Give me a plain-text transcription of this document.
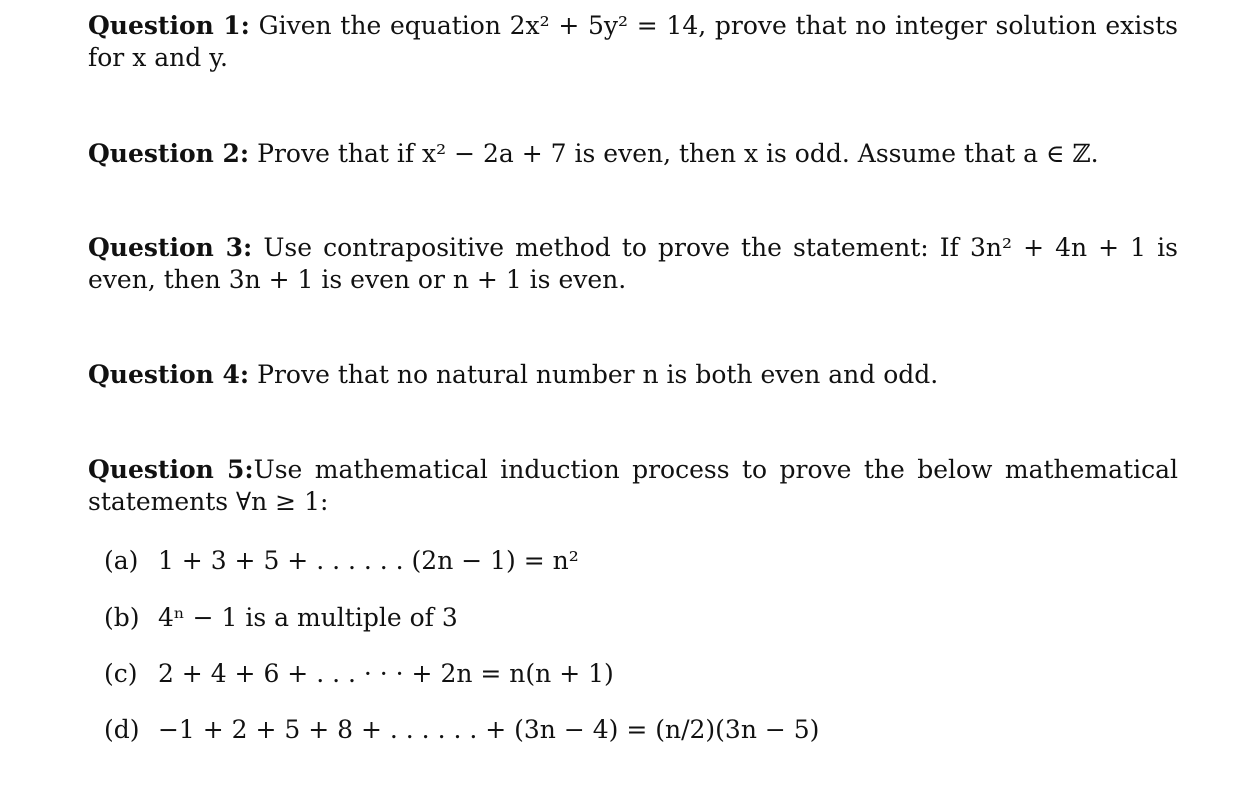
Question 1: Given the equation 2x² + 5y² = 14, prove that no integer solution exists for x and y.
Question 2: Prove that if x² − 2a + 7 is even, then x is odd. Assume that a ∈ ℤ.
Question 3: Use contrapositive method to prove the statement: If 3n² + 4n + 1 is even, then 3n + 1 is even or n + 1 is even.
Question 4: Prove that no natural number n is both even and odd.
Question 5:Use mathematical induction process to prove the below mathematical statements ∀n ≥ 1:
(a) 1 + 3 + 5 + . . . . . . (2n − 1) = n²
(b) 4ⁿ − 1 is a multiple of 3
(c) 2 + 4 + 6 + . . . · · · + 2n = n(n + 1)
(d) −1 + 2 + 5 + 8 + . . . . . . + (3n − 4) = (n/2)(3n − 5)
